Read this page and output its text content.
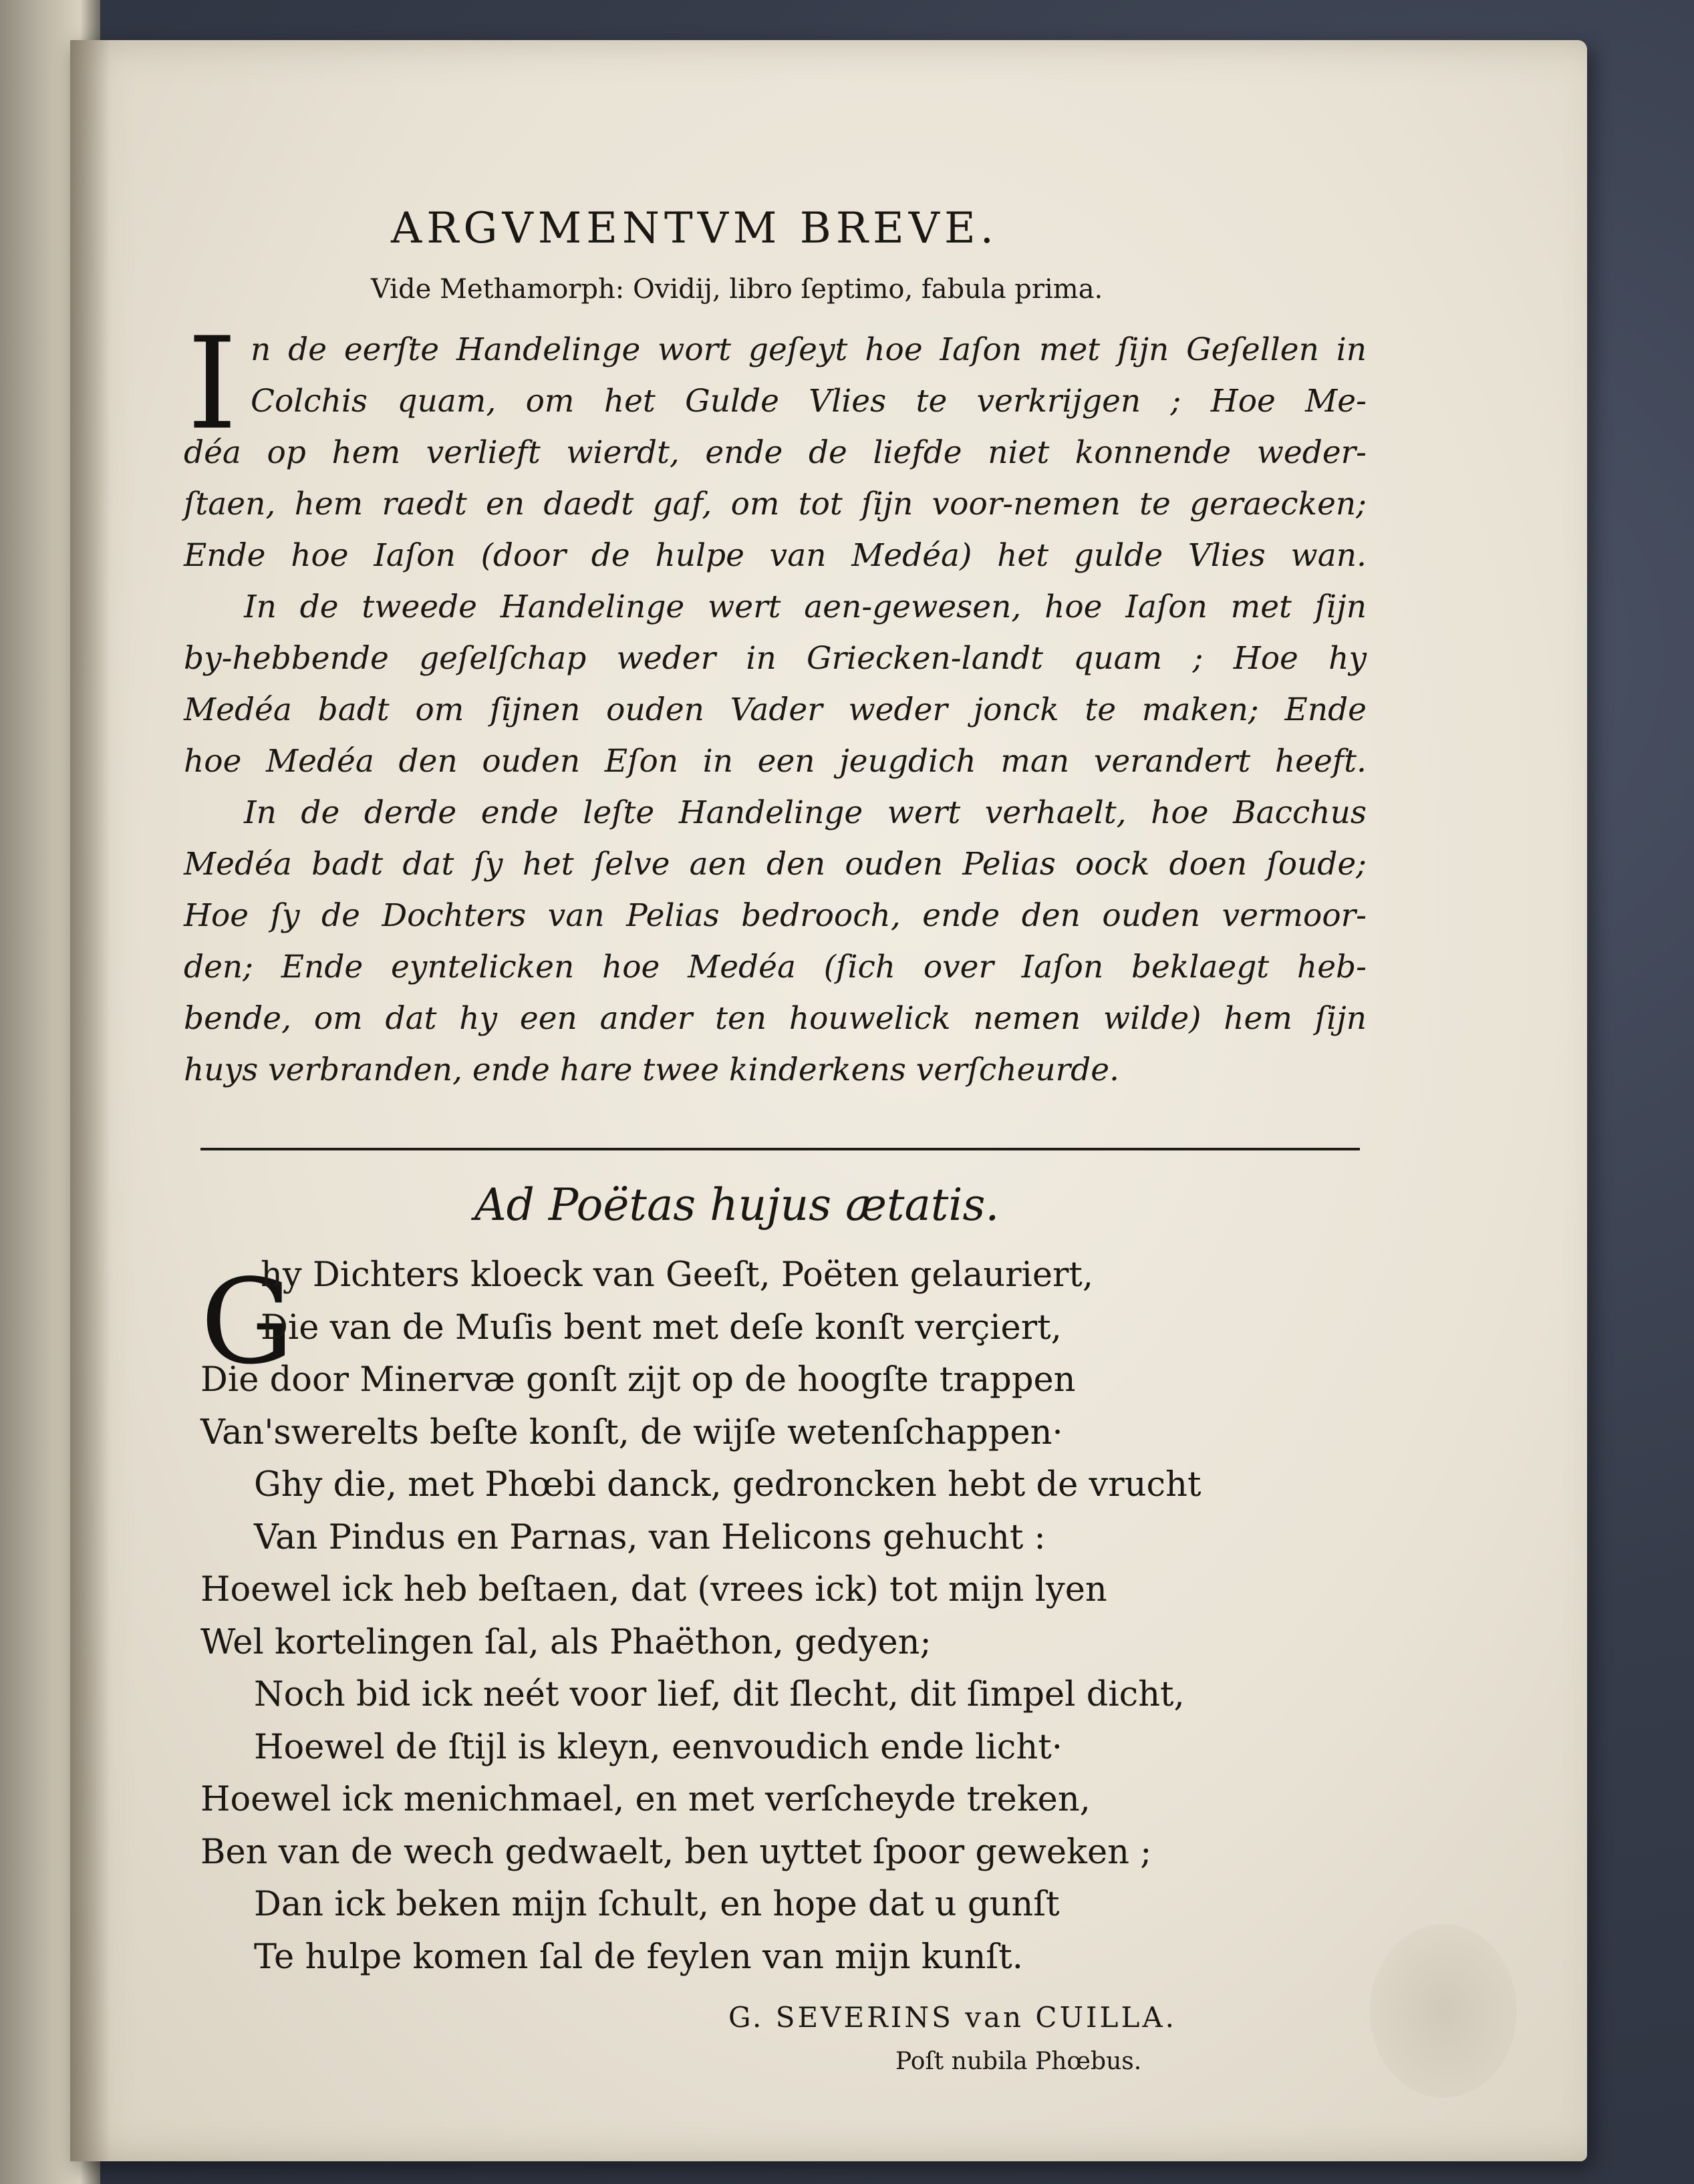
ARGVMENTVM BREVE.
Vide Methamorph: Ovidij, libro ſeptimo, fabula prima.
I n de eerſte Handelinge wort geſeyt hoe Iaſon met ſijn Geſellen in
Colchis quam, om het Gulde Vlies te verkrijgen ; Hoe Me-
déa op hem verlieft wierdt, ende de liefde niet konnende weder-
ſtaen, hem raedt en daedt gaf, om tot ſijn voor-nemen te geraecken;
Ende hoe Iaſon (door de hulpe van Medéa) het gulde Vlies wan.
In de tweede Handelinge wert aen-gewesen, hoe Iaſon met ſijn
by-hebbende geſelſchap weder in Griecken-landt quam ; Hoe hy
Medéa badt om ſijnen ouden Vader weder jonck te maken; Ende
hoe Medéa den ouden Eſon in een jeugdich man verandert heeft.
In de derde ende leſte Handelinge wert verhaelt, hoe Bacchus
Medéa badt dat ſy het ſelve aen den ouden Pelias oock doen ſoude;
Hoe ſy de Dochters van Pelias bedrooch, ende den ouden vermoor-
den; Ende eyntelicken hoe Medéa (ſich over Iaſon beklaegt heb-
bende, om dat hy een ander ten houwelick nemen wilde) hem ſijn
huys verbranden, ende hare twee kinderkens verſcheurde.
Ad Poëtas hujus ætatis.
G
hy Dichters kloeck van Geeſt, Poëten gelauriert,
Die van de Muſis bent met deſe konſt verçiert,
Die door Minervæ gonſt zijt op de hoogſte trappen
Van'swerelts beſte konſt, de wijſe wetenſchappen·
Ghy die, met Phœbi danck, gedroncken hebt de vrucht
Van Pindus en Parnas, van Helicons gehucht :
Hoewel ick heb beſtaen, dat (vrees ick) tot mijn lyen
Wel kortelingen ſal, als Phaëthon, gedyen;
Noch bid ick neét voor lief, dit ſlecht, dit ſimpel dicht,
Hoewel de ſtijl is kleyn, eenvoudich ende licht·
Hoewel ick menichmael, en met verſcheyde treken,
Ben van de wech gedwaelt, ben uyttet ſpoor geweken ;
Dan ick beken mijn ſchult, en hope dat u gunſt
Te hulpe komen ſal de feylen van mijn kunſt.
G. SEVERINS van CUILLA.
Poſt nubila Phœbus.
